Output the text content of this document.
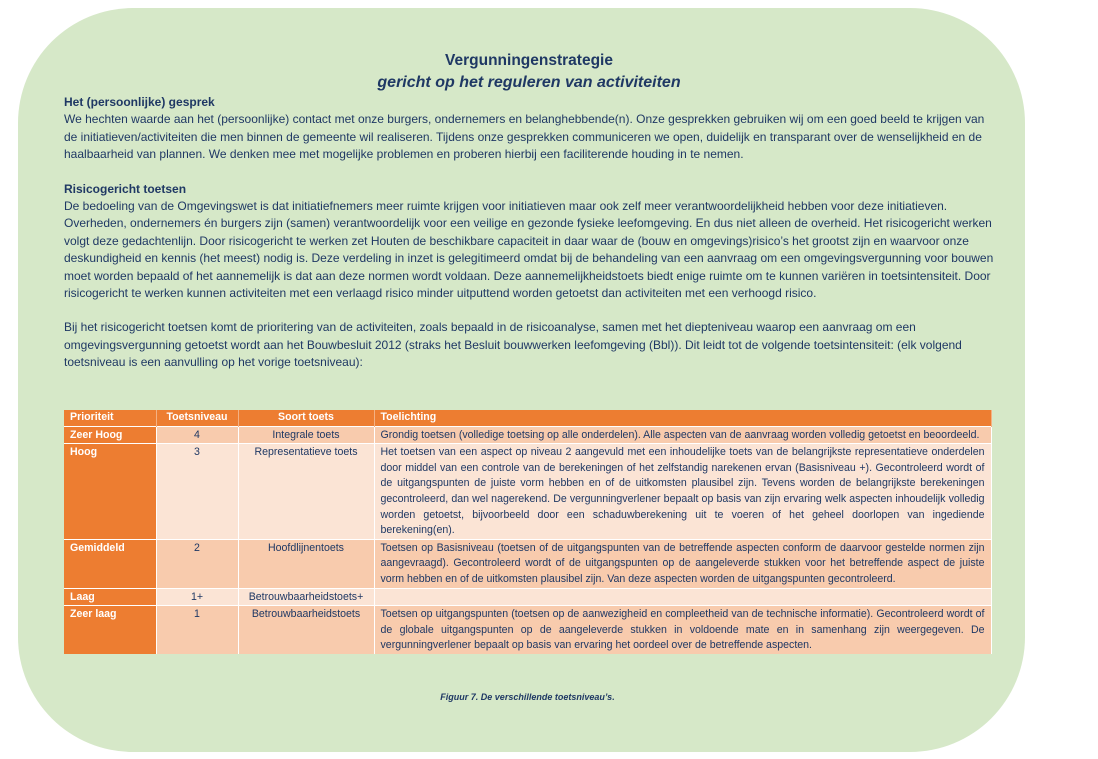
Vergunningenstrategie
gericht op het reguleren van activiteiten
Het (persoonlijke) gesprek

We hechten waarde aan het (persoonlijke) contact met onze burgers, ondernemers en belanghebbende(n). Onze gesprekken gebruiken wij om een goed beeld te krijgen van de initiatieven/activiteiten die men binnen de gemeente wil realiseren. Tijdens onze gesprekken communiceren we open, duidelijk en transparant over de wenselijkheid en de haalbaarheid van plannen. We denken mee met mogelijke problemen en proberen hierbij een faciliterende houding in te nemen.

Risicogericht toetsen

De bedoeling van de Omgevingswet is dat initiatiefnemers meer ruimte krijgen voor initiatieven maar ook zelf meer verantwoordelijkheid hebben voor deze initiatieven. Overheden, ondernemers én burgers zijn (samen) verantwoordelijk voor een veilige en gezonde fysieke leefomgeving. En dus niet alleen de overheid. Het risicogericht werken volgt deze gedachtenlijn. Door risicogericht te werken zet Houten de beschikbare capaciteit in daar waar de (bouw en omgevings)risico’s het grootst zijn en waarvoor onze deskundigheid en kennis (het meest) nodig is. Deze verdeling in inzet is gelegitimeerd omdat bij de behandeling van een aanvraag om een omgevingsvergunning voor bouwen moet worden bepaald of het aannemelijk is dat aan deze normen wordt voldaan. Deze aannemelijkheidstoets biedt enige ruimte om te kunnen variëren in toetsintensiteit. Door risicogericht te werken kunnen activiteiten met een verlaagd risico minder uitputtend worden getoetst dan activiteiten met een verhoogd risico.

Bij het risicogericht toetsen komt de prioritering van de activiteiten, zoals bepaald in de risicoanalyse, samen met het diepteniveau waarop een aanvraag om een omgevingsvergunning getoetst wordt aan het Bouwbesluit 2012 (straks het Besluit bouwwerken leefomgeving (Bbl)). Dit leidt tot de volgende toetsintensiteit: (elk volgend toetsniveau is een aanvulling op het vorige toetsniveau):

Prioriteit	Toetsniveau	Soort toets	Toelichting
Zeer Hoog	4	Integrale toets	Grondig toetsen (volledige toetsing op alle onderdelen). Alle aspecten van de aanvraag worden volledig getoetst en beoordeeld.
Hoog	3	Representatieve toets	Het toetsen van een aspect op niveau 2 aangevuld met een inhoudelijke toets van de belangrijkste representatieve onderdelen door middel van een controle van de berekeningen of het zelfstandig narekenen ervan (Basisniveau +). Gecontroleerd wordt of de uitgangspunten de juiste vorm hebben en of de uitkomsten plausibel zijn. Tevens worden de belangrijkste berekeningen gecontroleerd, dan wel nagerekend. De vergunningverlener bepaalt op basis van zijn ervaring welk aspecten inhoudelijk volledig worden getoetst, bijvoorbeeld door een schaduwberekening uit te voeren of het geheel doorlopen van ingediende berekening(en).
Gemiddeld	2	Hoofdlijnentoets	Toetsen op Basisniveau (toetsen of de uitgangspunten van de betreffende aspecten conform de daarvoor gestelde normen zijn aangevraagd). Gecontroleerd wordt of de uitgangspunten op de aangeleverde stukken voor het betreffende aspect de juiste vorm hebben en of de uitkomsten plausibel zijn. Van deze aspecten worden de uitgangspunten gecontroleerd.
Laag	1+	Betrouwbaarheidstoets+	
Zeer laag	1	Betrouwbaarheidstoets	Toetsen op uitgangspunten (toetsen op de aanwezigheid en compleetheid van de technische informatie). Gecontroleerd wordt of de globale uitgangspunten op de aangeleverde stukken in voldoende mate en in samenhang zijn weergegeven. De vergunningverlener bepaalt op basis van ervaring het oordeel over de betreffende aspecten.
Figuur 7. De verschillende toetsniveau’s.
